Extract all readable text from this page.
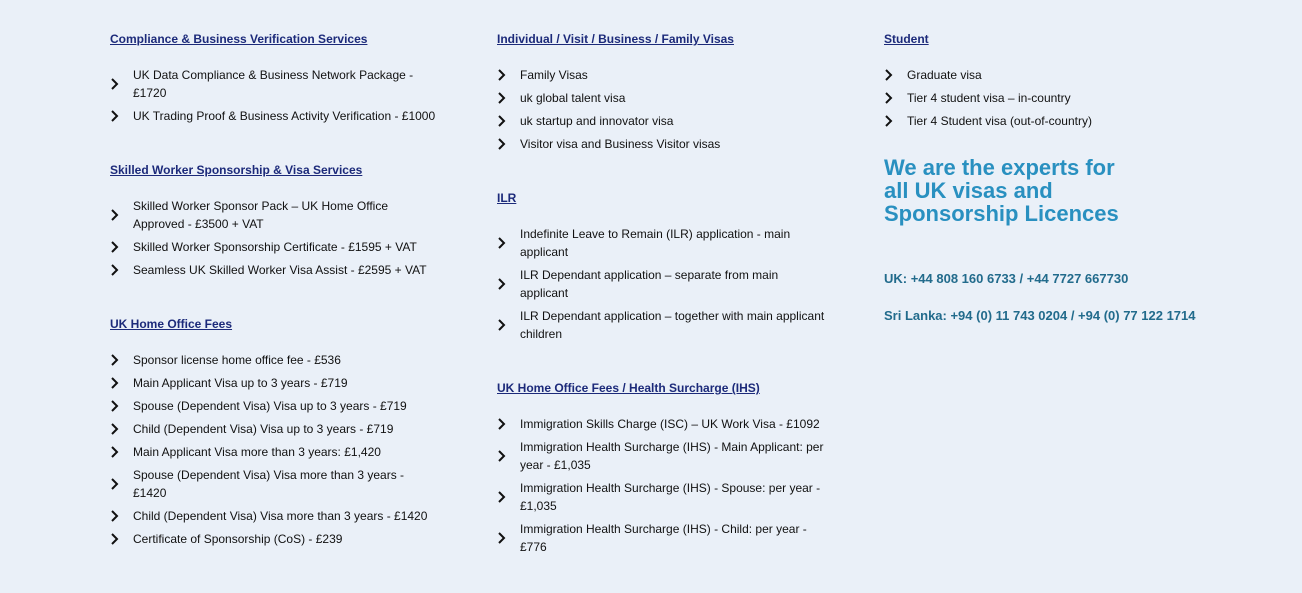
Compliance & Business Verification Services
UK Data Compliance & Business Network Package - £1720
UK Trading Proof & Business Activity Verification - £1000
Skilled Worker Sponsorship & Visa Services
Skilled Worker Sponsor Pack – UK Home Office Approved - £3500 + VAT
Skilled Worker Sponsorship Certificate - £1595 + VAT
Seamless UK Skilled Worker Visa Assist - £2595 + VAT
UK Home Office Fees
Sponsor license home office fee - £536
Main Applicant Visa up to 3 years - £719
Spouse (Dependent Visa) Visa up to 3 years - £719
Child (Dependent Visa) Visa up to 3 years - £719
Main Applicant Visa more than 3 years: £1,420
Spouse (Dependent Visa) Visa more than 3 years - £1420
Child (Dependent Visa) Visa more than 3 years - £1420
Certificate of Sponsorship (CoS) - £239
Individual / Visit / Business / Family Visas
Family Visas
uk global talent visa
uk startup and innovator visa
Visitor visa and Business Visitor visas
ILR
Indefinite Leave to Remain (ILR) application - main applicant
ILR Dependant application – separate from main applicant
ILR Dependant application – together with main applicant children
UK Home Office Fees / Health Surcharge (IHS)
Immigration Skills Charge (ISC) – UK Work Visa - £1092
Immigration Health Surcharge (IHS) - Main Applicant: per year - £1,035
Immigration Health Surcharge (IHS) - Spouse: per year - £1,035
Immigration Health Surcharge (IHS) - Child: per year - £776
Student
Graduate visa
Tier 4 student visa – in-country
Tier 4 Student visa (out-of-country)
We are the experts for all UK visas and Sponsorship Licences
UK: +44 808 160 6733 / +44 7727 667730
Sri Lanka: +94 (0) 11 743 0204 / +94 (0) 77 122 1714
